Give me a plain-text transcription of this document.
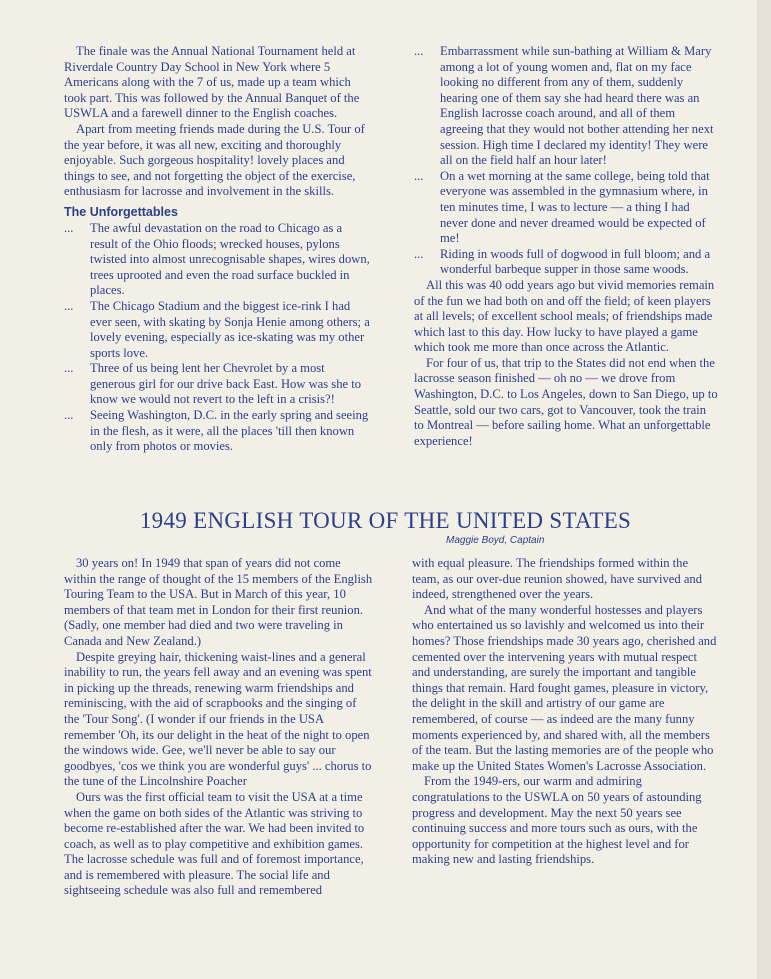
The finale was the Annual National Tournament held at Riverdale Country Day School in New York where 5 Americans along with the 7 of us, made up a team which took part. This was followed by the Annual Banquet of the USWLA and a farewell dinner to the English coaches.

Apart from meeting friends made during the U.S. Tour of the year before, it was all new, exciting and thoroughly enjoyable. Such gorgeous hospitality! lovely places and things to see, and not forgetting the object of the exercise, enthusiasm for lacrosse and involvement in the skills.

The Unforgettables
... The awful devastation on the road to Chicago as a result of the Ohio floods; wrecked houses, pylons twisted into almost unrecognisable shapes, wires down, trees uprooted and even the road surface buckled in places.
... The Chicago Stadium and the biggest ice-rink I had ever seen, with skating by Sonja Henie among others; a lovely evening, especially as ice-skating was my other sports love.
... Three of us being lent her Chevrolet by a most generous girl for our drive back East. How was she to know we would not revert to the left in a crisis?!
... Seeing Washington, D.C. in the early spring and seeing in the flesh, as it were, all the places 'till then known only from photos or movies.
... Embarrassment while sun-bathing at William & Mary among a lot of young women and, flat on my face looking no different from any of them, suddenly hearing one of them say she had heard there was an English lacrosse coach around, and all of them agreeing that they would not bother attending her next session. High time I declared my identity! They were all on the field half an hour later!
... On a wet morning at the same college, being told that everyone was assembled in the gymnasium where, in ten minutes time, I was to lecture — a thing I had never done and never dreamed would be expected of me!
... Riding in woods full of dogwood in full bloom; and a wonderful barbeque supper in those same woods.

All this was 40 odd years ago but vivid memories remain of the fun we had both on and off the field; of keen players at all levels; of excellent school meals; of friendships made which last to this day. How lucky to have played a game which took me more than once across the Atlantic.

For four of us, that trip to the States did not end when the lacrosse season finished — oh no — we drove from Washington, D.C. to Los Angeles, down to San Diego, up to Seattle, sold our two cars, got to Vancouver, took the train to Montreal — before sailing home. What an unforgettable experience!

1949 ENGLISH TOUR OF THE UNITED STATES
Maggie Boyd, Captain

30 years on! In 1949 that span of years did not come within the range of thought of the 15 members of the English Touring Team to the USA. But in March of this year, 10 members of that team met in London for their first reunion. (Sadly, one member had died and two were traveling in Canada and New Zealand.)

Despite greying hair, thickening waist-lines and a general inability to run, the years fell away and an evening was spent in picking up the threads, renewing warm friendships and reminiscing, with the aid of scrapbooks and the singing of the 'Tour Song'. (I wonder if our friends in the USA remember 'Oh, its our delight in the heat of the night to open the windows wide. Gee, we'll never be able to say our goodbyes, 'cos we think you are wonderful guys' ... chorus to the tune of the Lincolnshire Poacher

Ours was the first official team to visit the USA at a time when the game on both sides of the Atlantic was striving to become re-established after the war. We had been invited to coach, as well as to play competitive and exhibition games. The lacrosse schedule was full and of foremost importance, and is remembered with pleasure. The social life and sightseeing schedule was also full and remembered

with equal pleasure. The friendships formed within the team, as our over-due reunion showed, have survived and indeed, strengthened over the years.

And what of the many wonderful hostesses and players who entertained us so lavishly and welcomed us into their homes? Those friendships made 30 years ago, cherished and cemented over the intervening years with mutual respect and understanding, are surely the important and tangible things that remain. Hard fought games, pleasure in victory, the delight in the skill and artistry of our game are remembered, of course — as indeed are the many funny moments experienced by, and shared with, all the members of the team. But the lasting memories are of the people who make up the United States Women's Lacrosse Association.

From the 1949-ers, our warm and admiring congratulations to the USWLA on 50 years of astounding progress and development. May the next 50 years see continuing success and more tours such as ours, with the opportunity for competition at the highest level and for making new and lasting friendships.
